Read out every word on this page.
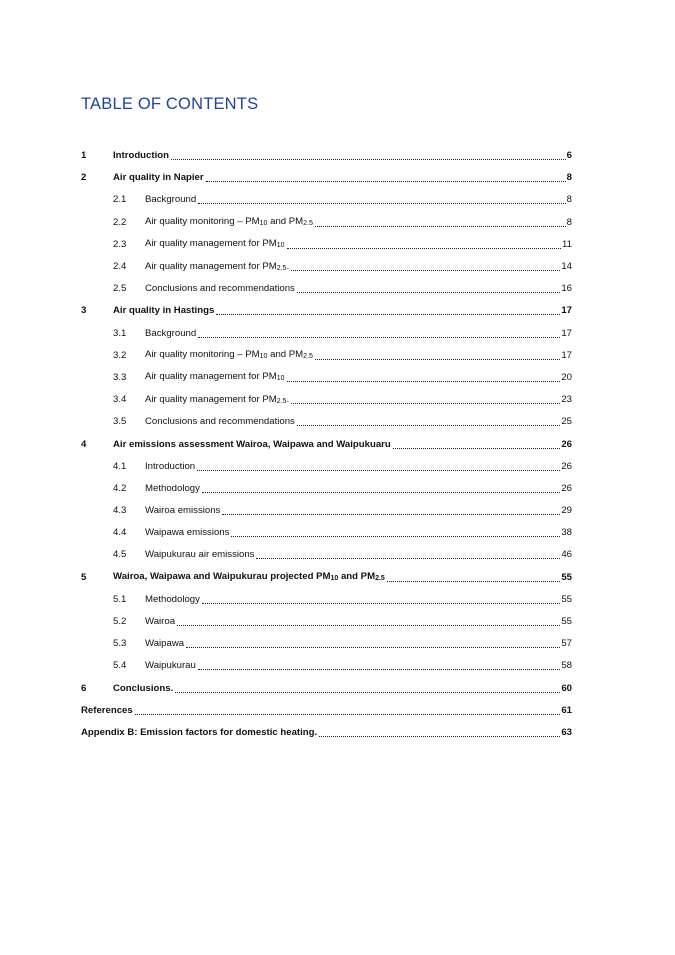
TABLE OF CONTENTS
1	Introduction	6
2	Air quality in Napier	8
2.1	Background	8
2.2	Air quality monitoring – $PM_{10}$ and $PM_{2.5}$	8
2.3	Air quality management for $PM_{10}$	11
2.4	Air quality management for $PM_{2.5}$.	14
2.5	Conclusions and recommendations	16
3	Air quality in Hastings	17
3.1	Background	17
3.2	Air quality monitoring – $PM_{10}$ and $PM_{2.5}$	17
3.3	Air quality management for $PM_{10}$	20
3.4	Air quality management for $PM_{2.5}$.	23
3.5	Conclusions and recommendations	25
4	Air emissions assessment Wairoa, Waipawa and Waipukuaru	26
4.1	Introduction	26
4.2	Methodology	26
4.3	Wairoa emissions	29
4.4	Waipawa emissions	38
4.5	Waipukurau air emissions	46
5	Wairoa, Waipawa and Waipukurau projected $PM_{10}$ and $PM_{2.5}$	55
5.1	Methodology	55
5.2	Wairoa	55
5.3	Waipawa	57
5.4	Waipukurau	58
6	Conclusions.	60
References	61
Appendix B: Emission factors for domestic heating.	63
